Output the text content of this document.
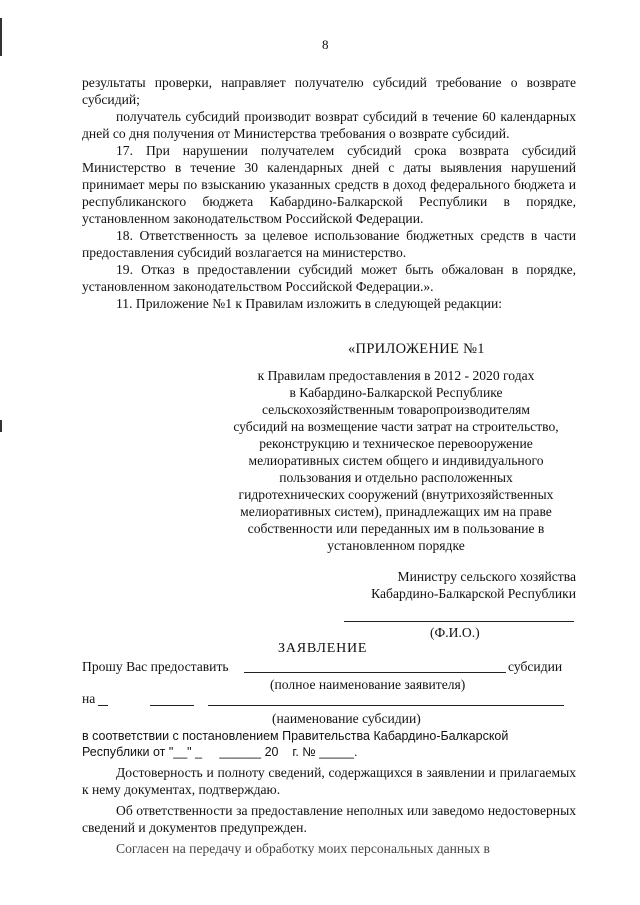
8

результаты проверки, направляет получателю субсидий требование о возврате субсидий;

получатель субсидий производит возврат субсидий в течение 60 календарных дней со дня получения от Министерства требования о возврате субсидий.

17. При нарушении получателем субсидий срока возврата субсидий Министерство в течение 30 календарных дней с даты выявления нарушений принимает меры по взысканию указанных средств в доход федерального бюджета и республиканского бюджета Кабардино-Балкарской Республики в порядке, установленном законодательством Российской Федерации.

18. Ответственность за целевое использование бюджетных средств в части предоставления субсидий возлагается на министерство.

19. Отказ в предоставлении субсидий может быть обжалован в порядке, установленном законодательством Российской Федерации.».

11. Приложение №1 к Правилам изложить в следующей редакции:

«ПРИЛОЖЕНИЕ №1
к Правилам предоставления в 2012 - 2020 годах
в Кабардино-Балкарской Республике
сельскохозяйственным товаропроизводителям
субсидий на возмещение части затрат на строительство,
реконструкцию и техническое перевооружение
мелиоративных систем общего и индивидуального
пользования и отдельно расположенных
гидротехнических сооружений (внутрихозяйственных
мелиоративных систем), принадлежащих им на праве
собственности или переданных им в пользование в
установленном порядке
Министру сельского хозяйства
Кабардино-Балкарской Республики
(Ф.И.О.)
ЗАЯВЛЕНИЕ
Прошу Вас предоставить	субсидии
(полное наименование заявителя)
на
(наименование субсидии)
в соответствии с постановлением Правительства Кабардино-Балкарской
Республики от "__" _     ______ 20    г. № _____.

Достоверность и полноту сведений, содержащихся в заявлении и прилагаемых к нему документах, подтверждаю.

Об ответственности за предоставление неполных или заведомо недостоверных сведений и документов предупрежден.

Согласен на передачу и обработку моих персональных данных в
